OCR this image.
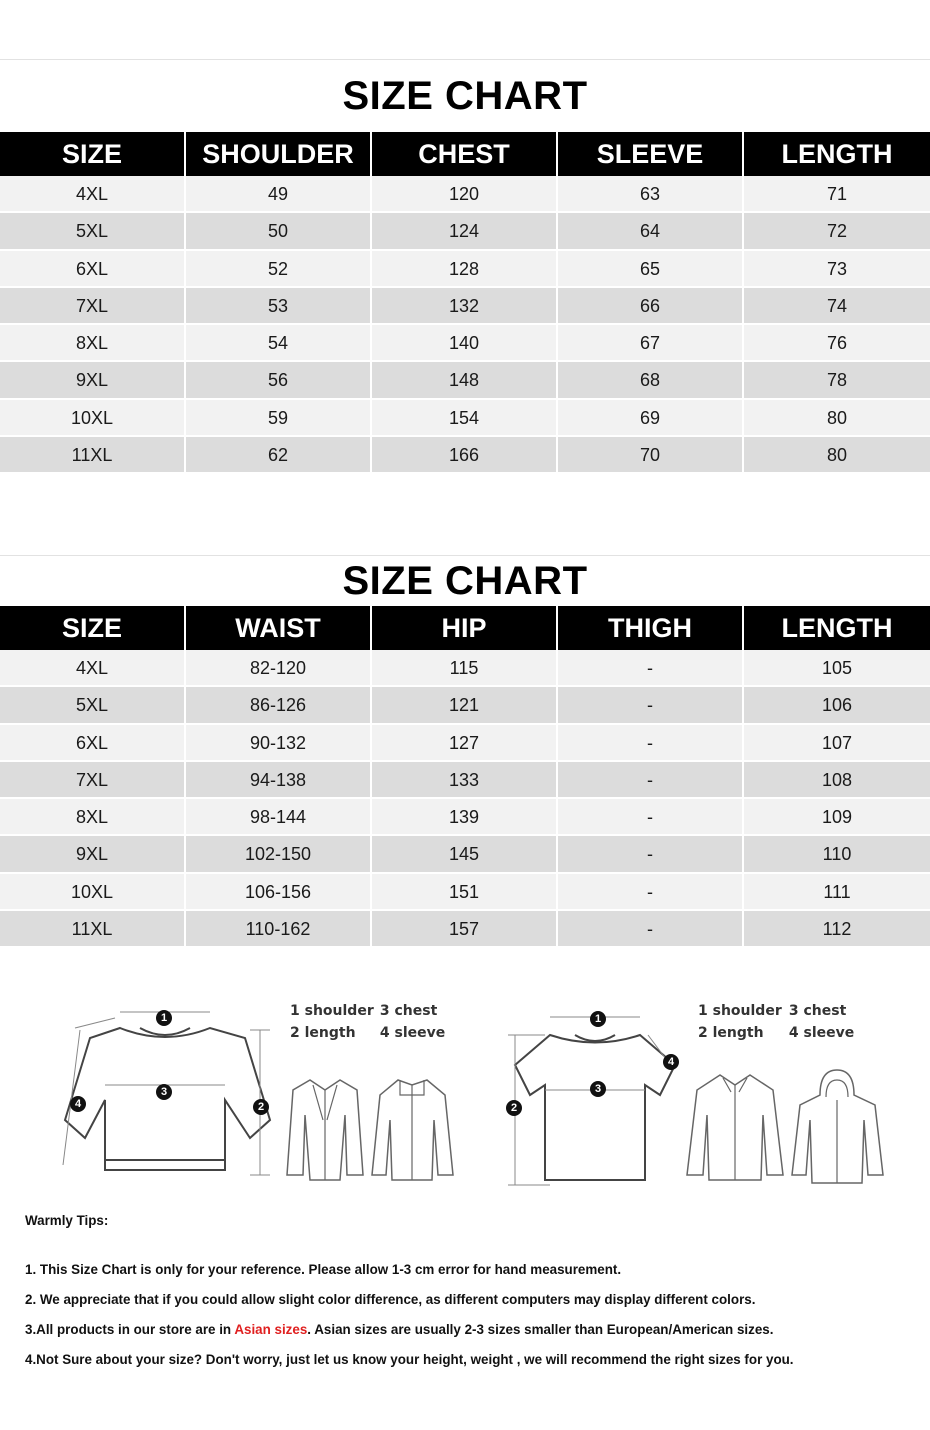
SIZE CHART
SIZE	SHOULDER	CHEST	SLEEVE	LENGTH
4XL	49	120	63	71
5XL	50	124	64	72
6XL	52	128	65	73
7XL	53	132	66	74
8XL	54	140	67	76
9XL	56	148	68	78
10XL	59	154	69	80
11XL	62	166	70	80
SIZE CHART
SIZE	WAIST	HIP	THIGH	LENGTH
4XL	82-120	115	-	105
5XL	86-126	121	-	106
6XL	90-132	127	-	107
7XL	94-138	133	-	108
8XL	98-144	139	-	109
9XL	102-150	145	-	110
10XL	106-156	151	-	111
11XL	110-162	157	-	112
1
3
2
4
1 shoulder 3 chest
2 length 4 sleeve
1
3
2
4
1 shoulder 3 chest
2 length 4 sleeve

Warmly Tips:

1. This Size Chart is only for your reference. Please allow 1-3 cm error for hand measurement.

2. We appreciate that if you could allow slight color difference, as different computers may display different colors.

3.All products in our store are in Asian sizes. Asian sizes are usually 2-3 sizes smaller than European/American sizes.

4.Not Sure about your size? Don't worry, just let us know your height, weight , we will recommend the right sizes for you.
